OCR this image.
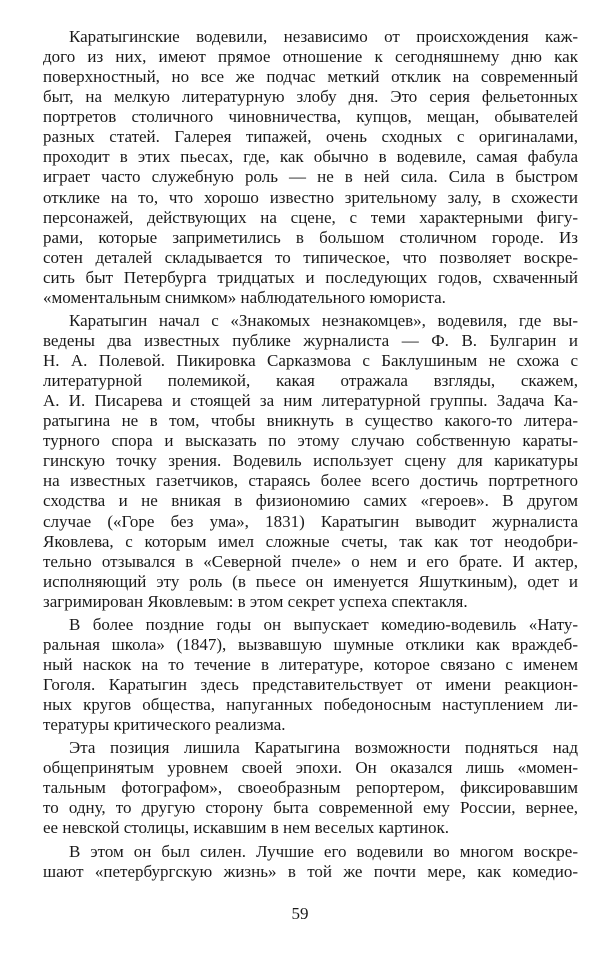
Каратыгинские водевили, независимо от происхождения каж-
дого из них, имеют прямое отношение к сегодняшнему дню как
поверхностный, но все же подчас меткий отклик на современный
быт, на мелкую литературную злобу дня. Это серия фельетонных
портретов столичного чиновничества, купцов, мещан, обывателей
разных статей. Галерея типажей, очень сходных с оригиналами,
проходит в этих пьесах, где, как обычно в водевиле, самая фабула
играет часто служебную роль — не в ней сила. Сила в быстром
отклике на то, что хорошо известно зрительному залу, в схожести
персонажей, действующих на сцене, с теми характерными фигу-
рами, которые заприметились в большом столичном городе. Из
сотен деталей складывается то типическое, что позволяет воскре-
сить быт Петербурга тридцатых и последующих годов, схваченный
«моментальным снимком» наблюдательного юмориста.
Каратыгин начал с «Знакомых незнакомцев», водевиля, где вы-
ведены два известных публике журналиста — Ф. В. Булгарин и
Н. А. Полевой. Пикировка Сарказмова с Баклушиным не схожа с
литературной полемикой, какая отражала взгляды, скажем,
А. И. Писарева и стоящей за ним литературной группы. Задача Ка-
ратыгина не в том, чтобы вникнуть в существо какого-то литера-
турного спора и высказать по этому случаю собственную караты-
гинскую точку зрения. Водевиль использует сцену для карикатуры
на известных газетчиков, стараясь более всего достичь портретного
сходства и не вникая в физиономию самих «героев». В другом
случае («Горе без ума», 1831) Каратыгин выводит журналиста
Яковлева, с которым имел сложные счеты, так как тот неодобри-
тельно отзывался в «Северной пчеле» о нем и его брате. И актер,
исполняющий эту роль (в пьесе он именуется Яшуткиным), одет и
загримирован Яковлевым: в этом секрет успеха спектакля.
В более поздние годы он выпускает комедию-водевиль «Нату-
ральная школа» (1847), вызвавшую шумные отклики как враждеб-
ный наскок на то течение в литературе, которое связано с именем
Гоголя. Каратыгин здесь представительствует от имени реакцион-
ных кругов общества, напуганных победоносным наступлением ли-
тературы критического реализма.
Эта позиция лишила Каратыгина возможности подняться над
общепринятым уровнем своей эпохи. Он оказался лишь «момен-
тальным фотографом», своеобразным репортером, фиксировавшим
то одну, то другую сторону быта современной ему России, вернее,
ее невской столицы, искавшим в нем веселых картинок.
В этом он был силен. Лучшие его водевили во многом воскре-
шают «петербургскую жизнь» в той же почти мере, как комедио-
59
